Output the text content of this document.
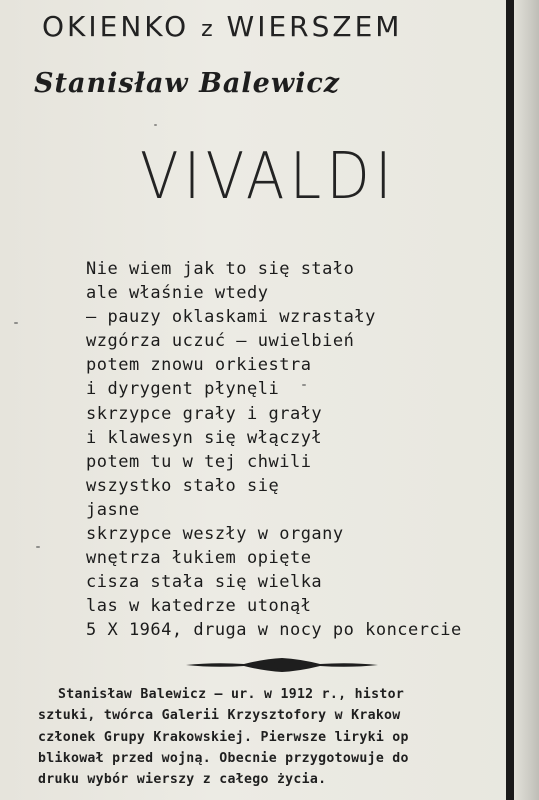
OKIENKO z WIERSZEM
Stanisław Balewicz
VIVALDI
Nie wiem jak to się stało
ale właśnie wtedy
— pauzy oklaskami wzrastały
wzgórza uczuć — uwielbień
potem znowu orkiestra
i dyrygent płynęli
skrzypce grały i grały
i klawesyn się włączył
potem tu w tej chwili
wszystko stało się
jasne
skrzypce weszły w organy
wnętrza łukiem opięte
cisza stała się wielka
las w katedrze utonął
5 X 1964, druga w nocy po koncercie
Stanisław Balewicz — ur. w 1912 r., histor
sztuki, twórca Galerii Krzysztofory w Krakow
członek Grupy Krakowskiej. Pierwsze liryki op
blikował przed wojną. Obecnie przygotowuje do
druku wybór wierszy z całego życia.
